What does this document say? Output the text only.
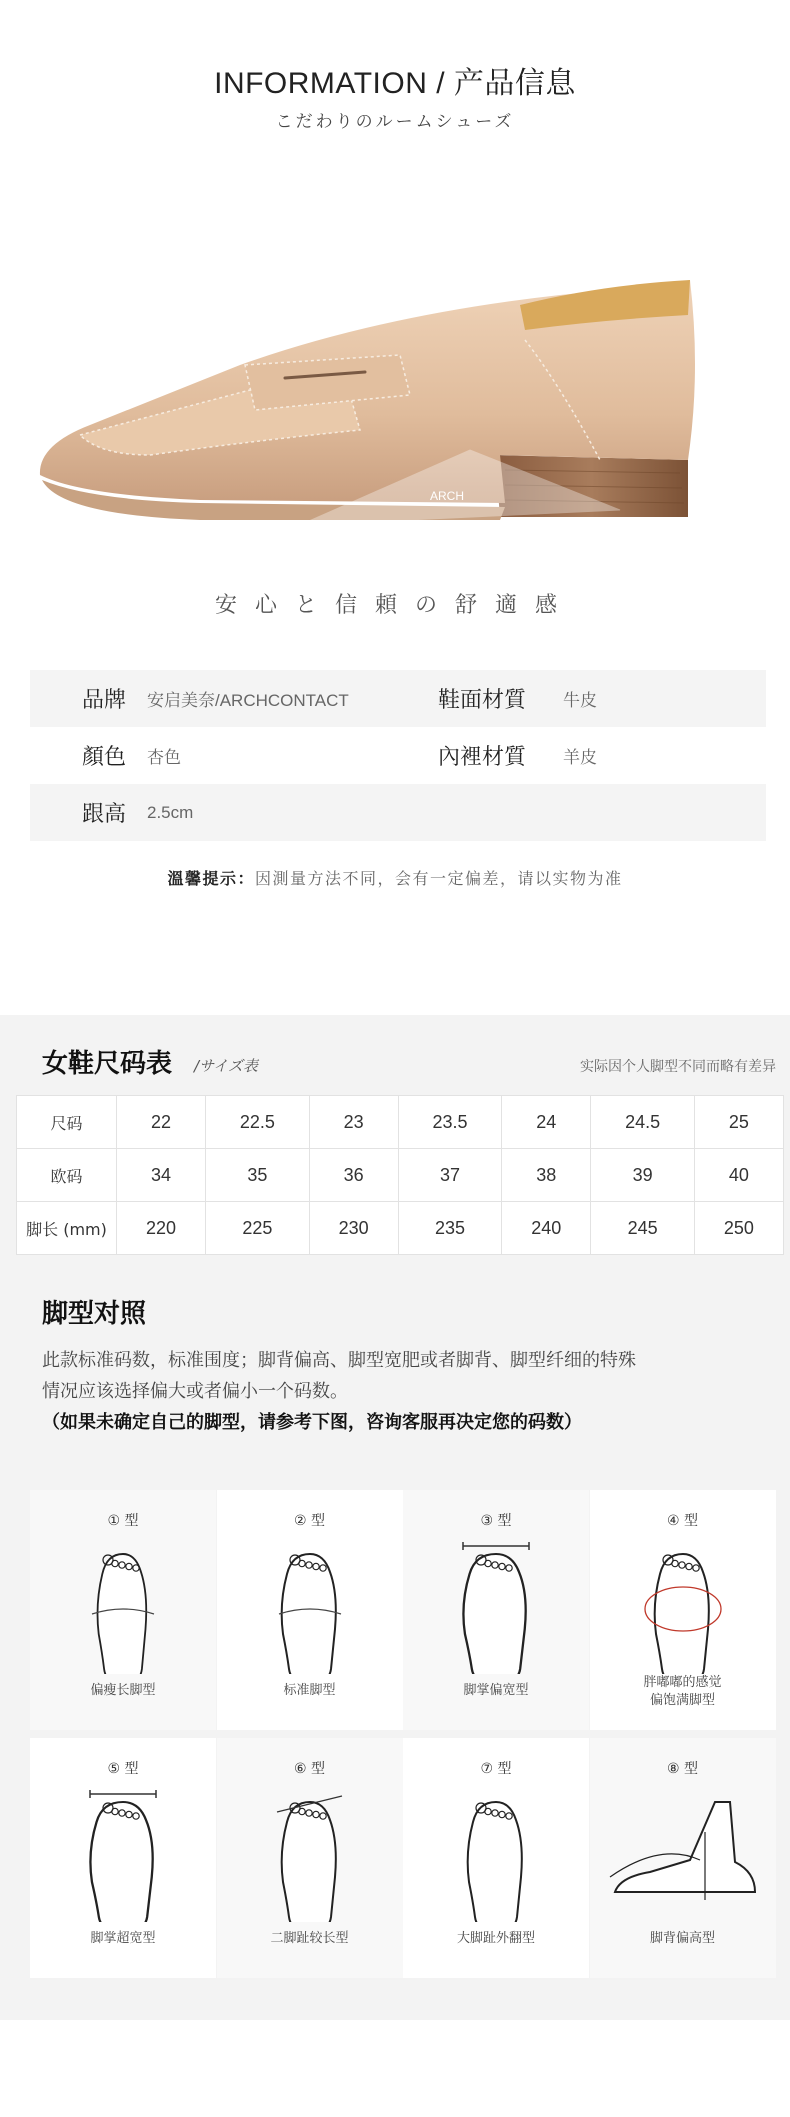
INFORMATION / 产品信息
こだわりのルームシューズ
ARCH
安心と信頼の舒適感
品牌 安启美奈/ARCHCONTACT	鞋面材質 牛皮
顏色 杏色	內裡材質 羊皮
跟高 2.5cm
溫馨提示：因測量方法不同，会有一定偏差，请以实物为准
女鞋尺码表 /サイズ表	实际因个人脚型不同而略有差异
尺码	22	22.5	23	23.5	24	24.5	25
欧码	34	35	36	37	38	39	40
脚长 (mm)	220	225	230	235	240	245	250
脚型对照
此款标准码数，标准围度；脚背偏高、脚型宽肥或者脚背、脚型纤细的特殊
情况应该选择偏大或者偏小一个码数。
（如果未确定自己的脚型，请参考下图，咨询客服再决定您的码数）
① 型
偏瘦长脚型
② 型
标准脚型
③ 型
脚掌偏宽型
④ 型
胖嘟嘟的感觉
偏饱满脚型
⑤ 型
脚掌超宽型
⑥ 型
二脚趾较长型
⑦ 型
大脚趾外翻型
⑧ 型
脚背偏高型
